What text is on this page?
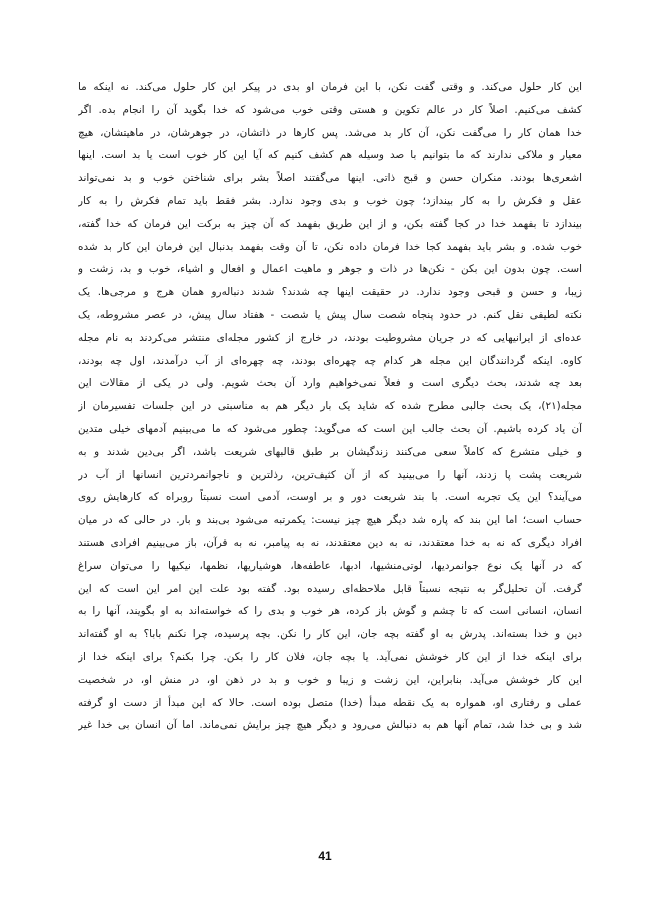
این کار حلول می‌کند. و وقتی گفت نکن، با این فرمان او بدی در پیکر این کار حلول می‌کند. نه اینکه ما
کشف می‌کنیم. اصلاً کار در عالم تکوین و هستی وقتی خوب می‌شود که خدا بگوید آن را انجام بده. اگر
خدا همان کار را می‌گفت نکن، آن کار بد می‌شد. پس کارها در ذاتشان، در جوهرشان، در ماهیتشان، هیچ
معیار و ملاکی ندارند که ما بتوانیم با صد وسیله هم کشف کنیم که آیا این کار خوب است یا بد است. اینها
اشعری‌ها بودند. منکران حسن و قبح ذاتی. اینها می‌گفتند اصلاً بشر برای شناختن خوب و بد نمی‌تواند
عقل و فکرش را به کار بیندازد؛ چون خوب و بدی وجود ندارد. بشر فقط باید تمام فکرش را به کار
بیندازد تا بفهمد خدا در کجا گفته بکن، و از این طریق بفهمد که آن چیز به برکت این فرمان که خدا گفته،
خوب شده. و بشر باید بفهمد کجا خدا فرمان داده نکن، تا آن وقت بفهمد بدنبال این فرمان این کار بد شده
است. چون بدون این بکن - نکن‌ها در ذات و جوهر و ماهیت اعمال و افعال و اشیاء، خوب و بد، زشت و
زیبا، و حسن و قبحی وجود ندارد. در حقیقت اینها چه شدند؟ شدند دنباله‌رو همان هرج و مرجی‌ها. یک
نکته لطیفی نقل کنم. در حدود پنجاه شصت سال پیش یا شصت - هفتاد سال پیش، در عصر مشروطه، یک
عده‌ای از ایرانیهایی که در جریان مشروطیت بودند، در خارج از کشور مجله‌ای منتشر می‌کردند به نام مجله
کاوه. اینکه گردانندگان این مجله هر کدام چه چهره‌ای بودند، چه چهره‌ای از آب درآمدند، اول چه بودند،
بعد چه شدند، بحث دیگری است و فعلاً نمی‌خواهیم وارد آن بحث شویم. ولی در یکی از مقالات این
مجله(۲۱)، یک بحث جالبی مطرح شده که شاید یک بار دیگر هم به مناسبتی در این جلسات تفسیرمان از
آن یاد کرده باشیم. آن بحث جالب این است که می‌گوید: چطور می‌شود که ما می‌بینیم آدمهای خیلی متدین
و خیلی متشرع که کاملاً سعی می‌کنند زندگیشان بر طبق قالبهای شریعت باشد، اگر بی‌دین شدند و به
شریعت پشت پا زدند، آنها را می‌بینید که از آن کثیف‌ترین، رذلترین و ناجوانمردترین انسانها از آب در
می‌آیند؟ این یک تجربه است. با بند شریعت دور و بر اوست، آدمی است نسبتاً روبراه که کارهایش روی
حساب است؛ اما این بند که پاره شد دیگر هیچ چیز نیست: یکمرتبه می‌شود بی‌بند و بار. در حالی که در میان
افراد دیگری که نه به خدا معتقدند، نه به دین معتقدند، نه به پیامبر، نه به قرآن، باز می‌بینیم افرادی هستند
که در آنها یک نوع جوانمردیها، لوتی‌منشیها، ادبها، عاطفه‌ها، هوشیاریها، نظمها، نیکیها را می‌توان سراغ
گرفت. آن تحلیل‌گر به نتیجه نسبتاً قابل ملاحظه‌ای رسیده بود. گفته بود علت این امر این است که این
انسان، انسانی است که تا چشم و گوش باز کرده، هر خوب و بدی را که خواسته‌اند به او بگویند، آنها را به
دین و خدا بسته‌اند. پدرش به او گفته بچه جان، این کار را نکن. بچه پرسیده، چرا نکنم بابا؟ به او گفته‌اند
برای اینکه خدا از این کار خوشش نمی‌آید. یا بچه جان، فلان کار را بکن. چرا بکنم؟ برای اینکه خدا از
این کار خوشش می‌آید. بنابراین، این زشت و زیبا و خوب و بد در ذهن او، در منش او، در شخصیت
عملی و رفتاری او، همواره به یک نقطه مبدأ (خدا) متصل بوده است. حالا که این مبدأ از دست او گرفته
شد و بی خدا شد، تمام آنها هم به دنبالش می‌رود و دیگر هیچ چیز برایش نمی‌ماند. اما آن انسان بی خدا غیر
41
